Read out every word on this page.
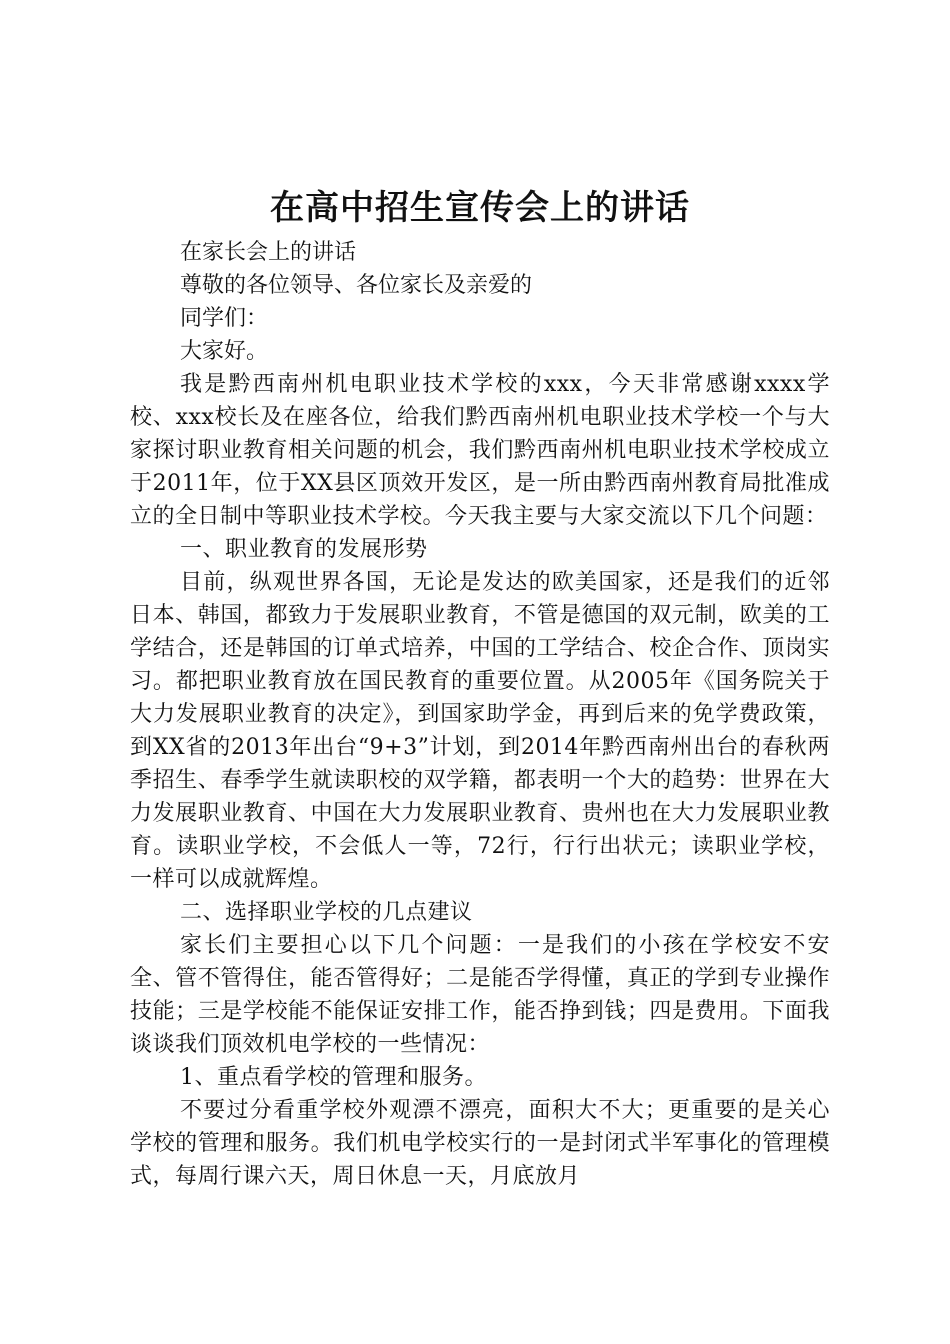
在高中招生宣传会上的讲话

在家长会上的讲话

尊敬的各位领导、各位家长及亲爱的

同学们：

大家好。

我是黔西南州机电职业技术学校的xxx，今天非常感谢xxxx学校、xxx校长及在座各位，给我们黔西南州机电职业技术学校一个与大家探讨职业教育相关问题的机会，我们黔西南州机电职业技术学校成立于2011年，位于XX县区顶效开发区，是一所由黔西南州教育局批准成立的全日制中等职业技术学校。今天我主要与大家交流以下几个问题：

一、职业教育的发展形势

目前，纵观世界各国，无论是发达的欧美国家，还是我们的近邻日本、韩国，都致力于发展职业教育，不管是德国的双元制，欧美的工学结合，还是韩国的订单式培养，中国的工学结合、校企合作、顶岗实习。都把职业教育放在国民教育的重要位置。从2005年《国务院关于大力发展职业教育的决定》，到国家助学金，再到后来的免学费政策，到XX省的2013年出台“9+3”计划，到2014年黔西南州出台的春秋两季招生、春季学生就读职校的双学籍，都表明一个大的趋势：世界在大力发展职业教育、中国在大力发展职业教育、贵州也在大力发展职业教育。读职业学校，不会低人一等，72行，行行出状元；读职业学校，一样可以成就辉煌。

二、选择职业学校的几点建议

家长们主要担心以下几个问题：一是我们的小孩在学校安不安全、管不管得住，能否管得好；二是能否学得懂，真正的学到专业操作技能；三是学校能不能保证安排工作，能否挣到钱；四是费用。下面我谈谈我们顶效机电学校的一些情况：

1、重点看学校的管理和服务。

不要过分看重学校外观漂不漂亮，面积大不大；更重要的是关心学校的管理和服务。我们机电学校实行的一是封闭式半军事化的管理模式，每周行课六天，周日休息一天，月底放月
